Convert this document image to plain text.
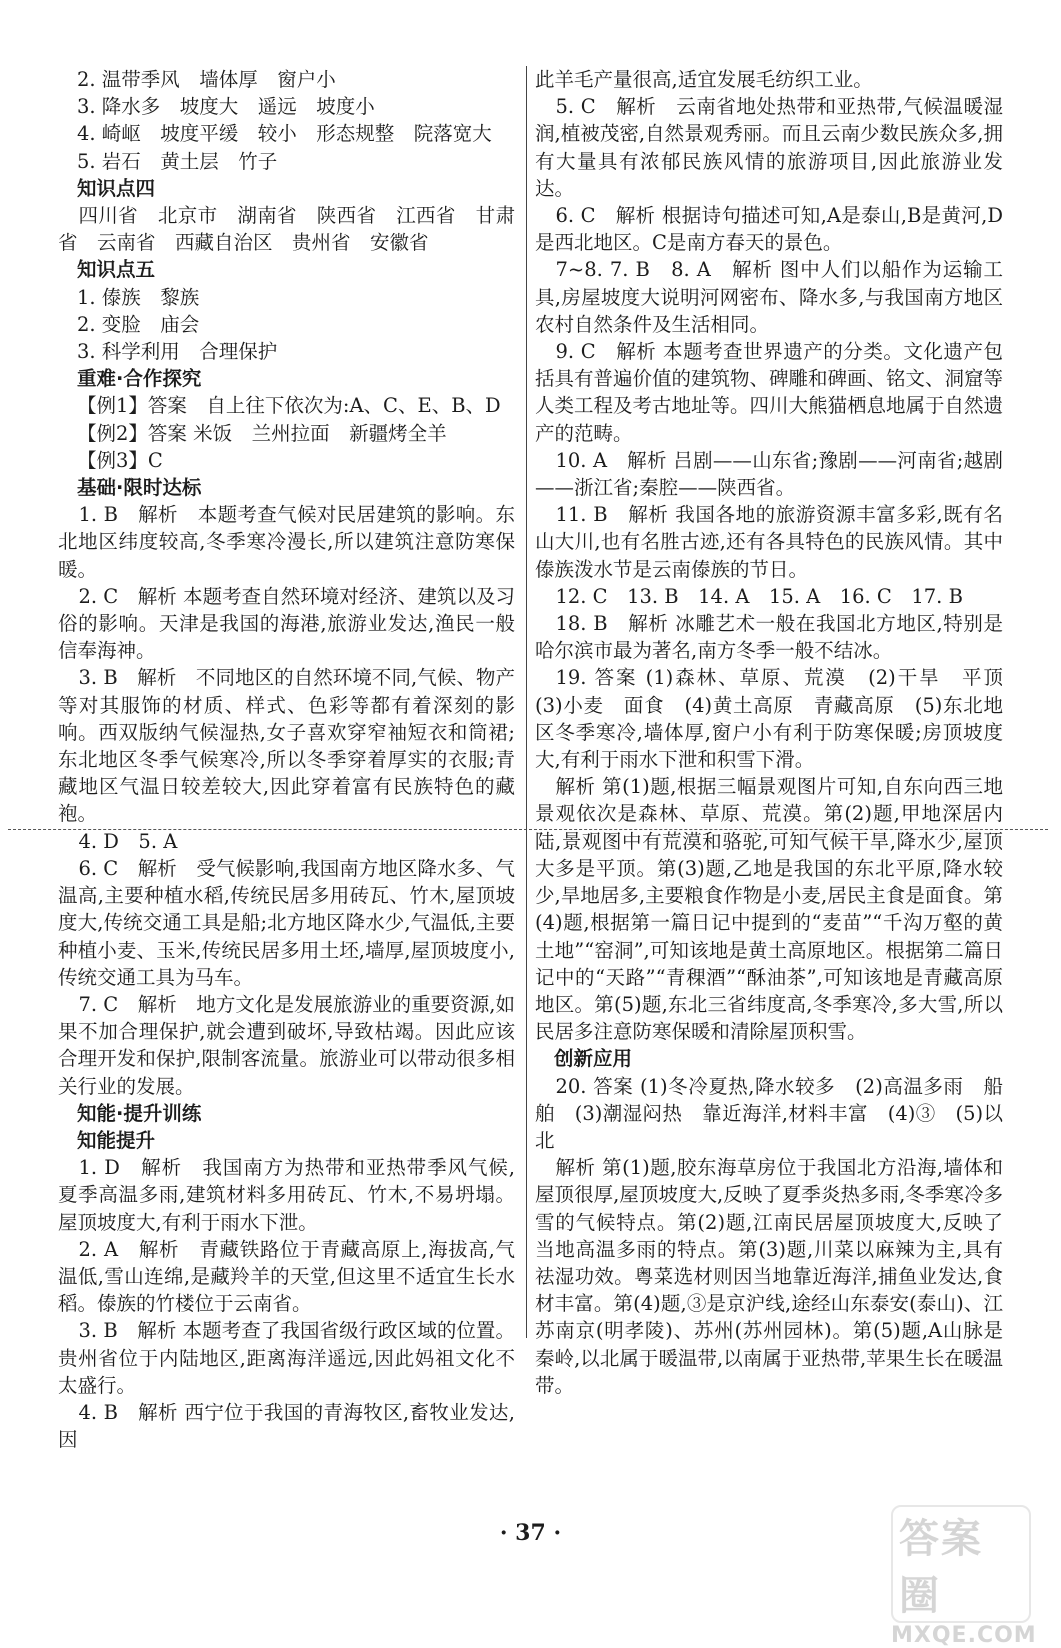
2. 温带季风　墙体厚　窗户小

3. 降水多　坡度大　遥远　坡度小

4. 崎岖　坡度平缓　较小　形态规整　院落宽大

5. 岩石　黄土层　竹子

知识点四

四川省　北京市　湖南省　陕西省　江西省　甘肃省　云南省　西藏自治区　贵州省　安徽省

知识点五

1. 傣族　黎族

2. 变脸　庙会

3. 科学利用　合理保护

重难·合作探究

【例1】答案　自上往下依次为:A、C、E、B、D

【例2】答案 米饭　兰州拉面　新疆烤全羊

【例3】C

基础·限时达标

1. B　解析　本题考查气候对民居建筑的影响。东北地区纬度较高,冬季寒冷漫长,所以建筑注意防寒保暖。

2. C　解析 本题考查自然环境对经济、建筑以及习俗的影响。天津是我国的海港,旅游业发达,渔民一般信奉海神。

3. B　解析　不同地区的自然环境不同,气候、物产等对其服饰的材质、样式、色彩等都有着深刻的影响。西双版纳气候湿热,女子喜欢穿窄袖短衣和筒裙;东北地区冬季气候寒冷,所以冬季穿着厚实的衣服;青藏地区气温日较差较大,因此穿着富有民族特色的藏袍。

4. D　5. A

6. C　解析　受气候影响,我国南方地区降水多、气温高,主要种植水稻,传统民居多用砖瓦、竹木,屋顶坡度大,传统交通工具是船;北方地区降水少,气温低,主要种植小麦、玉米,传统民居多用土坯,墙厚,屋顶坡度小,传统交通工具为马车。

7. C　解析　地方文化是发展旅游业的重要资源,如果不加合理保护,就会遭到破坏,导致枯竭。因此应该合理开发和保护,限制客流量。旅游业可以带动很多相关行业的发展。

知能·提升训练

知能提升

1. D　解析　我国南方为热带和亚热带季风气候,夏季高温多雨,建筑材料多用砖瓦、竹木,不易坍塌。屋顶坡度大,有利于雨水下泄。

2. A　解析　青藏铁路位于青藏高原上,海拔高,气温低,雪山连绵,是藏羚羊的天堂,但这里不适宜生长水稻。傣族的竹楼位于云南省。

3. B　解析 本题考查了我国省级行政区域的位置。贵州省位于内陆地区,距离海洋遥远,因此妈祖文化不太盛行。

4. B　解析 西宁位于我国的青海牧区,畜牧业发达,因

此羊毛产量很高,适宜发展毛纺织工业。

5. C　解析　云南省地处热带和亚热带,气候温暖湿润,植被茂密,自然景观秀丽。而且云南少数民族众多,拥有大量具有浓郁民族风情的旅游项目,因此旅游业发达。

6. C　解析 根据诗句描述可知,A是泰山,B是黄河,D是西北地区。C是南方春天的景色。

7~8. 7. B　8. A　解析 图中人们以船作为运输工具,房屋坡度大说明河网密布、降水多,与我国南方地区农村自然条件及生活相同。

9. C　解析 本题考查世界遗产的分类。文化遗产包括具有普遍价值的建筑物、碑雕和碑画、铭文、洞窟等人类工程及考古地址等。四川大熊猫栖息地属于自然遗产的范畴。

10. A　解析 吕剧——山东省;豫剧——河南省;越剧——浙江省;秦腔——陕西省。

11. B　解析 我国各地的旅游资源丰富多彩,既有名山大川,也有名胜古迹,还有各具特色的民族风情。其中傣族泼水节是云南傣族的节日。

12. C　13. B　14. A　15. A　16. C　17. B

18. B　解析 冰雕艺术一般在我国北方地区,特别是哈尔滨市最为著名,南方冬季一般不结冰。

19. 答案 (1)森林、草原、荒漠　(2)干旱　平顶　(3)小麦　面食　(4)黄土高原　青藏高原　(5)东北地区冬季寒冷,墙体厚,窗户小有利于防寒保暖;房顶坡度大,有利于雨水下泄和积雪下滑。

解析 第(1)题,根据三幅景观图片可知,自东向西三地景观依次是森林、草原、荒漠。第(2)题,甲地深居内陆,景观图中有荒漠和骆驼,可知气候干旱,降水少,屋顶大多是平顶。第(3)题,乙地是我国的东北平原,降水较少,旱地居多,主要粮食作物是小麦,居民主食是面食。第(4)题,根据第一篇日记中提到的“麦苗”“千沟万壑的黄土地”“窑洞”,可知该地是黄土高原地区。根据第二篇日记中的“天路”“青稞酒”“酥油茶”,可知该地是青藏高原地区。第(5)题,东北三省纬度高,冬季寒冷,多大雪,所以民居多注意防寒保暖和清除屋顶积雪。

创新应用

20. 答案 (1)冬冷夏热,降水较多　(2)高温多雨　船舶　(3)潮湿闷热　靠近海洋,材料丰富　(4)③　(5)以北

解析 第(1)题,胶东海草房位于我国北方沿海,墙体和屋顶很厚,屋顶坡度大,反映了夏季炎热多雨,冬季寒冷多雪的气候特点。第(2)题,江南民居屋顶坡度大,反映了当地高温多雨的特点。第(3)题,川菜以麻辣为主,具有祛湿功效。粤菜选材则因当地靠近海洋,捕鱼业发达,食材丰富。第(4)题,③是京沪线,途经山东泰安(泰山)、江苏南京(明孝陵)、苏州(苏州园林)。第(5)题,A山脉是秦岭,以北属于暖温带,以南属于亚热带,苹果生长在暖温带。

· 37 ·	答案圈
MXQE.COM
